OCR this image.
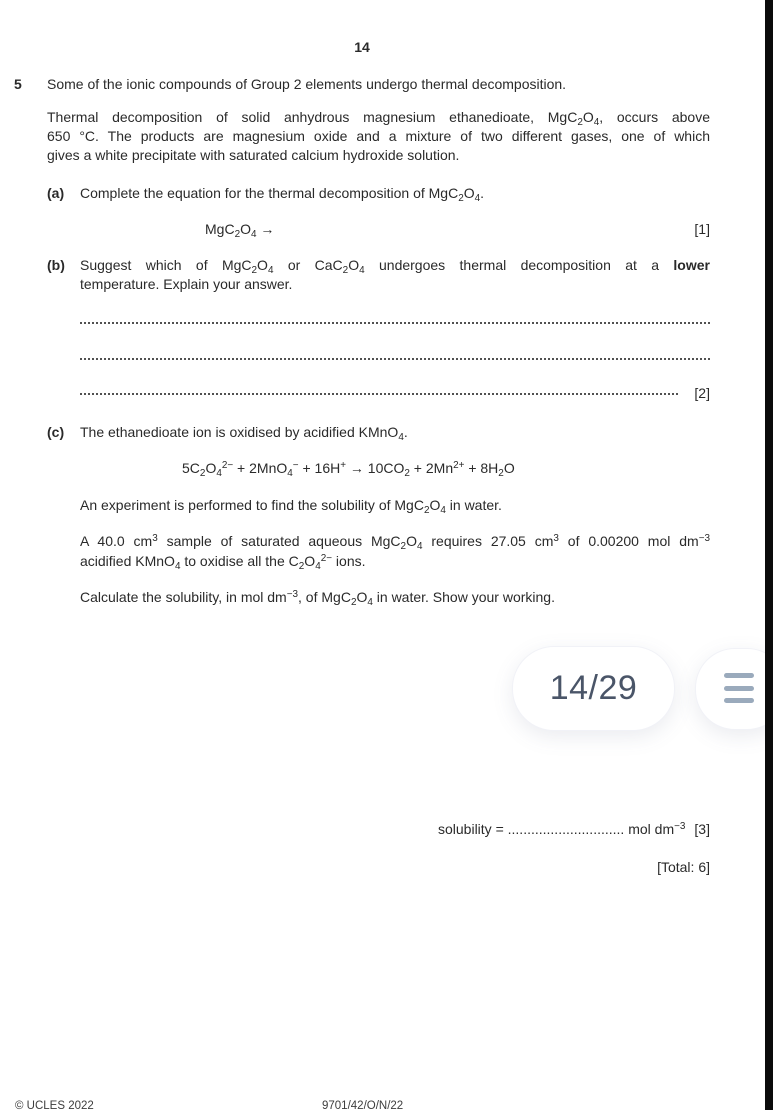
14
5 Some of the ionic compounds of Group 2 elements undergo thermal decomposition.
Thermal decomposition of solid anhydrous magnesium ethanedioate, $MgC_2O_4$, occurs above
650 °C. The products are magnesium oxide and a mixture of two different gases, one of which
gives a white precipitate with saturated calcium hydroxide solution.
(a) Complete the equation for the thermal decomposition of $MgC_2O_4$.
$MgC_2O_4$ →	[1]
(b) Suggest which of $MgC_2O_4$ or $CaC_2O_4$ undergoes thermal decomposition at a lower
temperature. Explain your answer.
[2]
(c) The ethanedioate ion is oxidised by acidified KMnO$_4$.
$5C_2O_4^{2-} + 2MnO_4^- + 16H^+ \to 10CO_2 + 2Mn^{2+} + 8H_2O$
An experiment is performed to find the solubility of $MgC_2O_4$ in water.
A 40.0 $cm^3$ sample of saturated aqueous $MgC_2O_4$ requires 27.05 $cm^3$ of 0.00200 mol $dm^{-3}$
acidified KMnO$_4$ to oxidise all the $C_2O_4^{2-}$ ions.
Calculate the solubility, in mol $dm^{-3}$, of $MgC_2O_4$ in water. Show your working.
14/29
solubility = .............................. mol $dm^{-3}$ [3]
[Total: 6]
© UCLES 2022	9701/42/O/N/22
